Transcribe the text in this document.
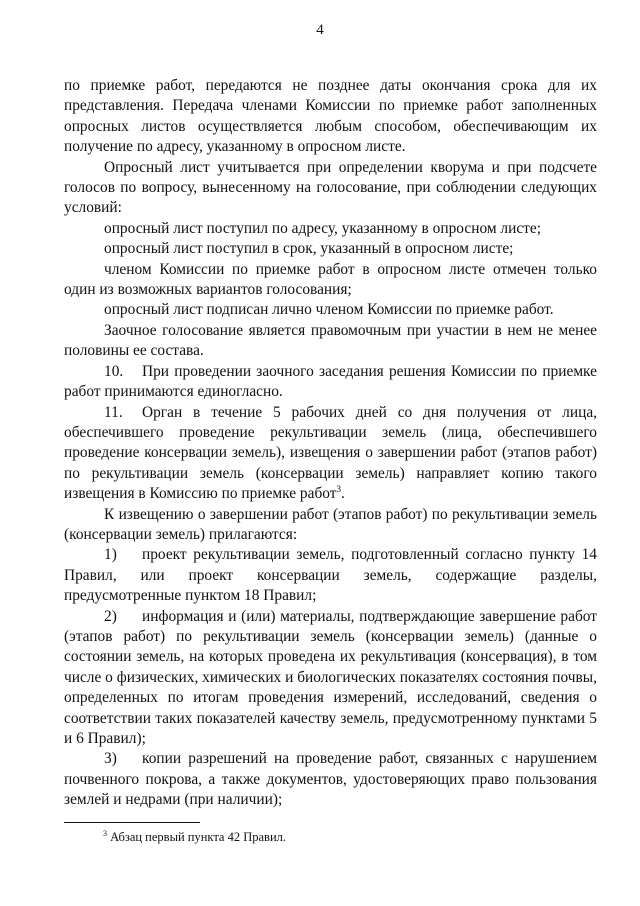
4

по приемке работ, передаются не позднее даты окончания срока для их представления. Передача членами Комиссии по приемке работ заполненных опросных листов осуществляется любым способом, обеспечивающим их получение по адресу, указанному в опросном листе.

Опросный лист учитывается при определении кворума и при подсчете голосов по вопросу, вынесенному на голосование, при соблюдении следующих условий:

опросный лист поступил по адресу, указанному в опросном листе;

опросный лист поступил в срок, указанный в опросном листе;

членом Комиссии по приемке работ в опросном листе отмечен только один из возможных вариантов голосования;

опросный лист подписан лично членом Комиссии по приемке работ.

Заочное голосование является правомочным при участии в нем не менее половины ее состава.

10. При проведении заочного заседания решения Комиссии по приемке работ принимаются единогласно.

11. Орган в течение 5 рабочих дней со дня получения от лица, обеспечившего проведение рекультивации земель (лица, обеспечившего проведение консервации земель), извещения о завершении работ (этапов работ) по рекультивации земель (консервации земель) направляет копию такого извещения в Комиссию по приемке работ$^3$.

К извещению о завершении работ (этапов работ) по рекультивации земель (консервации земель) прилагаются:

1) проект рекультивации земель, подготовленный согласно пункту 14 Правил, или проект консервации земель, содержащие разделы, предусмотренные пунктом 18 Правил;

2) информация и (или) материалы, подтверждающие завершение работ (этапов работ) по рекультивации земель (консервации земель) (данные о состоянии земель, на которых проведена их рекультивация (консервация), в том числе о физических, химических и биологических показателях состояния почвы, определенных по итогам проведения измерений, исследований, сведения о соответствии таких показателей качеству земель, предусмотренному пунктами 5 и 6 Правил);

3) копии разрешений на проведение работ, связанных с нарушением почвенного покрова, а также документов, удостоверяющих право пользования землей и недрами (при наличии);

$^3$ Абзац первый пункта 42 Правил.
